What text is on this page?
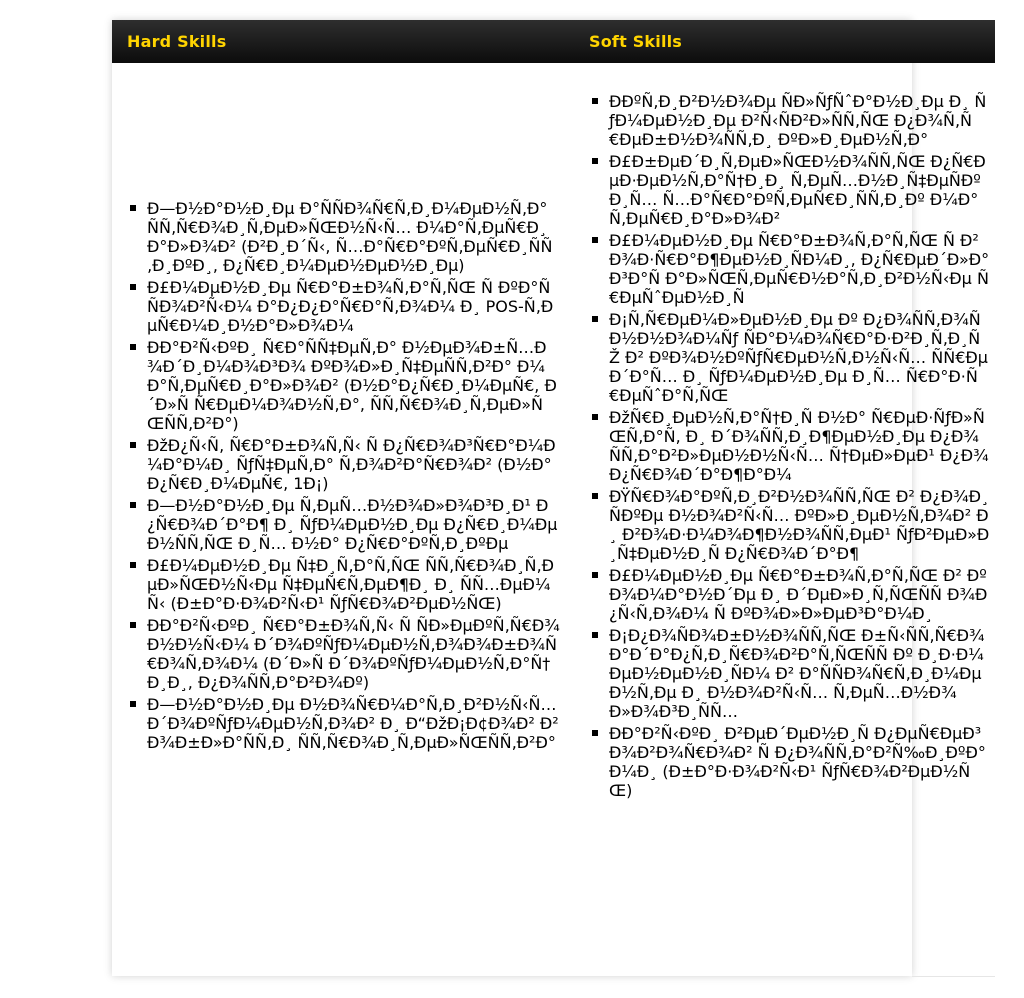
Hard Skills	Soft Skills
Ð—Ð½Ð°Ð½Ð¸Ðµ Ð°ÑÑÐ¾Ñ€Ñ‚Ð¸Ð¼ÐµÐ½Ñ‚Ð° ÑÑ‚Ñ€Ð¾Ð¸Ñ‚ÐµÐ»ÑŒÐ½Ñ‹Ñ… Ð¼Ð°Ñ‚ÐµÑ€Ð¸Ð°Ð»Ð¾Ð² (Ð²Ð¸Ð´Ñ‹, Ñ…Ð°Ñ€Ð°ÐºÑ‚ÐµÑ€Ð¸ÑÑ‚Ð¸ÐºÐ¸, Ð¿Ñ€Ð¸Ð¼ÐµÐ½ÐµÐ½Ð¸Ðµ)
Ð£Ð¼ÐµÐ½Ð¸Ðµ Ñ€Ð°Ð±Ð¾Ñ‚Ð°Ñ‚ÑŒ Ñ ÐºÐ°ÑÑÐ¾Ð²Ñ‹Ð¼ Ð°Ð¿Ð¿Ð°Ñ€Ð°Ñ‚Ð¾Ð¼ Ð¸ POS-Ñ‚ÐµÑ€Ð¼Ð¸Ð½Ð°Ð»Ð¾Ð¼
ÐÐ°Ð²Ñ‹ÐºÐ¸ Ñ€Ð°ÑÑ‡ÐµÑ‚Ð° Ð½ÐµÐ¾Ð±Ñ…Ð¾Ð´Ð¸Ð¼Ð¾Ð³Ð¾ ÐºÐ¾Ð»Ð¸Ñ‡ÐµÑÑ‚Ð²Ð° Ð¼Ð°Ñ‚ÐµÑ€Ð¸Ð°Ð»Ð¾Ð² (Ð½Ð°Ð¿Ñ€Ð¸Ð¼ÐµÑ€, Ð´Ð»Ñ Ñ€ÐµÐ¼Ð¾Ð½Ñ‚Ð°, ÑÑ‚Ñ€Ð¾Ð¸Ñ‚ÐµÐ»ÑŒÑÑ‚Ð²Ð°)
ÐžÐ¿Ñ‹Ñ‚ Ñ€Ð°Ð±Ð¾Ñ‚Ñ‹ Ñ Ð¿Ñ€Ð¾Ð³Ñ€Ð°Ð¼Ð¼Ð°Ð¼Ð¸ ÑƒÑ‡ÐµÑ‚Ð° Ñ‚Ð¾Ð²Ð°Ñ€Ð¾Ð² (Ð½Ð°Ð¿Ñ€Ð¸Ð¼ÐµÑ€, 1Ð¡)
Ð—Ð½Ð°Ð½Ð¸Ðµ Ñ‚ÐµÑ…Ð½Ð¾Ð»Ð¾Ð³Ð¸Ð¹ Ð¿Ñ€Ð¾Ð´Ð°Ð¶ Ð¸ ÑƒÐ¼ÐµÐ½Ð¸Ðµ Ð¿Ñ€Ð¸Ð¼ÐµÐ½ÑÑ‚ÑŒ Ð¸Ñ… Ð½Ð° Ð¿Ñ€Ð°ÐºÑ‚Ð¸ÐºÐµ
Ð£Ð¼ÐµÐ½Ð¸Ðµ Ñ‡Ð¸Ñ‚Ð°Ñ‚ÑŒ ÑÑ‚Ñ€Ð¾Ð¸Ñ‚ÐµÐ»ÑŒÐ½Ñ‹Ðµ Ñ‡ÐµÑ€Ñ‚ÐµÐ¶Ð¸ Ð¸ ÑÑ…ÐµÐ¼Ñ‹ (Ð±Ð°Ð·Ð¾Ð²Ñ‹Ð¹ ÑƒÑ€Ð¾Ð²ÐµÐ½ÑŒ)
ÐÐ°Ð²Ñ‹ÐºÐ¸ Ñ€Ð°Ð±Ð¾Ñ‚Ñ‹ Ñ ÑÐ»ÐµÐºÑ‚Ñ€Ð¾Ð½Ð½Ñ‹Ð¼ Ð´Ð¾ÐºÑƒÐ¼ÐµÐ½Ñ‚Ð¾Ð¾Ð±Ð¾Ñ€Ð¾Ñ‚Ð¾Ð¼ (Ð´Ð»Ñ Ð´Ð¾ÐºÑƒÐ¼ÐµÐ½Ñ‚Ð°Ñ†Ð¸Ð¸, Ð¿Ð¾ÑÑ‚Ð°Ð²Ð¾Ðº)
Ð—Ð½Ð°Ð½Ð¸Ðµ Ð½Ð¾Ñ€Ð¼Ð°Ñ‚Ð¸Ð²Ð½Ñ‹Ñ… Ð´Ð¾ÐºÑƒÐ¼ÐµÐ½Ñ‚Ð¾Ð² Ð¸ Ð“ÐžÐ¡Ð¢Ð¾Ð² Ð² Ð¾Ð±Ð»Ð°ÑÑ‚Ð¸ ÑÑ‚Ñ€Ð¾Ð¸Ñ‚ÐµÐ»ÑŒÑÑ‚Ð²Ð°
ÐÐºÑ‚Ð¸Ð²Ð½Ð¾Ðµ ÑÐ»ÑƒÑˆÐ°Ð½Ð¸Ðµ Ð¸ ÑƒÐ¼ÐµÐ½Ð¸Ðµ Ð²Ñ‹ÑÐ²Ð»ÑÑ‚ÑŒ Ð¿Ð¾Ñ‚Ñ€ÐµÐ±Ð½Ð¾ÑÑ‚Ð¸ ÐºÐ»Ð¸ÐµÐ½Ñ‚Ð°
Ð£Ð±ÐµÐ´Ð¸Ñ‚ÐµÐ»ÑŒÐ½Ð¾ÑÑ‚ÑŒ Ð¿Ñ€ÐµÐ·ÐµÐ½Ñ‚Ð°Ñ†Ð¸Ð¸ Ñ‚ÐµÑ…Ð½Ð¸Ñ‡ÐµÑÐºÐ¸Ñ… Ñ…Ð°Ñ€Ð°ÐºÑ‚ÐµÑ€Ð¸ÑÑ‚Ð¸Ðº Ð¼Ð°Ñ‚ÐµÑ€Ð¸Ð°Ð»Ð¾Ð²
Ð£Ð¼ÐµÐ½Ð¸Ðµ Ñ€Ð°Ð±Ð¾Ñ‚Ð°Ñ‚ÑŒ Ñ Ð²Ð¾Ð·Ñ€Ð°Ð¶ÐµÐ½Ð¸ÑÐ¼Ð¸, Ð¿Ñ€ÐµÐ´Ð»Ð°Ð³Ð°Ñ Ð°Ð»ÑŒÑ‚ÐµÑ€Ð½Ð°Ñ‚Ð¸Ð²Ð½Ñ‹Ðµ Ñ€ÐµÑˆÐµÐ½Ð¸Ñ
Ð¡Ñ‚Ñ€ÐµÐ¼Ð»ÐµÐ½Ð¸Ðµ Ðº Ð¿Ð¾ÑÑ‚Ð¾ÑÐ½Ð½Ð¾Ð¼Ñƒ ÑÐ°Ð¼Ð¾Ñ€Ð°Ð·Ð²Ð¸Ñ‚Ð¸ÑŽ Ð² ÐºÐ¾Ð½ÐºÑƒÑ€ÐµÐ½Ñ‚Ð½Ñ‹Ñ… ÑÑ€ÐµÐ´Ð°Ñ… Ð¸ ÑƒÐ¼ÐµÐ½Ð¸Ðµ Ð¸Ñ… Ñ€Ð°Ð·Ñ€ÐµÑˆÐ°Ñ‚ÑŒ
ÐžÑ€Ð¸ÐµÐ½Ñ‚Ð°Ñ†Ð¸Ñ Ð½Ð° Ñ€ÐµÐ·ÑƒÐ»ÑŒÑ‚Ð°Ñ‚ Ð¸ Ð´Ð¾ÑÑ‚Ð¸Ð¶ÐµÐ½Ð¸Ðµ Ð¿Ð¾ÑÑ‚Ð°Ð²Ð»ÐµÐ½Ð½Ñ‹Ñ… Ñ†ÐµÐ»ÐµÐ¹ Ð¿Ð¾ Ð¿Ñ€Ð¾Ð´Ð°Ð¶Ð°Ð¼
ÐŸÑ€Ð¾Ð°ÐºÑ‚Ð¸Ð²Ð½Ð¾ÑÑ‚ÑŒ Ð² Ð¿Ð¾Ð¸ÑÐºÐµ Ð½Ð¾Ð²Ñ‹Ñ… ÐºÐ»Ð¸ÐµÐ½Ñ‚Ð¾Ð² Ð¸ Ð²Ð¾Ð·Ð¼Ð¾Ð¶Ð½Ð¾ÑÑ‚ÐµÐ¹ ÑƒÐ²ÐµÐ»Ð¸Ñ‡ÐµÐ½Ð¸Ñ Ð¿Ñ€Ð¾Ð´Ð°Ð¶
Ð£Ð¼ÐµÐ½Ð¸Ðµ Ñ€Ð°Ð±Ð¾Ñ‚Ð°Ñ‚ÑŒ Ð² ÐºÐ¾Ð¼Ð°Ð½Ð´Ðµ Ð¸ Ð´ÐµÐ»Ð¸Ñ‚ÑŒÑÑ Ð¾Ð¿Ñ‹Ñ‚Ð¾Ð¼ Ñ ÐºÐ¾Ð»Ð»ÐµÐ³Ð°Ð¼Ð¸
Ð¡Ð¿Ð¾ÑÐ¾Ð±Ð½Ð¾ÑÑ‚ÑŒ Ð±Ñ‹ÑÑ‚Ñ€Ð¾ Ð°Ð´Ð°Ð¿Ñ‚Ð¸Ñ€Ð¾Ð²Ð°Ñ‚ÑŒÑÑ Ðº Ð¸Ð·Ð¼ÐµÐ½ÐµÐ½Ð¸ÑÐ¼ Ð² Ð°ÑÑÐ¾Ñ€Ñ‚Ð¸Ð¼ÐµÐ½Ñ‚Ðµ Ð¸ Ð½Ð¾Ð²Ñ‹Ñ… Ñ‚ÐµÑ…Ð½Ð¾Ð»Ð¾Ð³Ð¸ÑÑ…
ÐÐ°Ð²Ñ‹ÐºÐ¸ Ð²ÐµÐ´ÐµÐ½Ð¸Ñ Ð¿ÐµÑ€ÐµÐ³Ð¾Ð²Ð¾Ñ€Ð¾Ð² Ñ Ð¿Ð¾ÑÑ‚Ð°Ð²Ñ‰Ð¸ÐºÐ°Ð¼Ð¸ (Ð±Ð°Ð·Ð¾Ð²Ñ‹Ð¹ ÑƒÑ€Ð¾Ð²ÐµÐ½ÑŒ)
